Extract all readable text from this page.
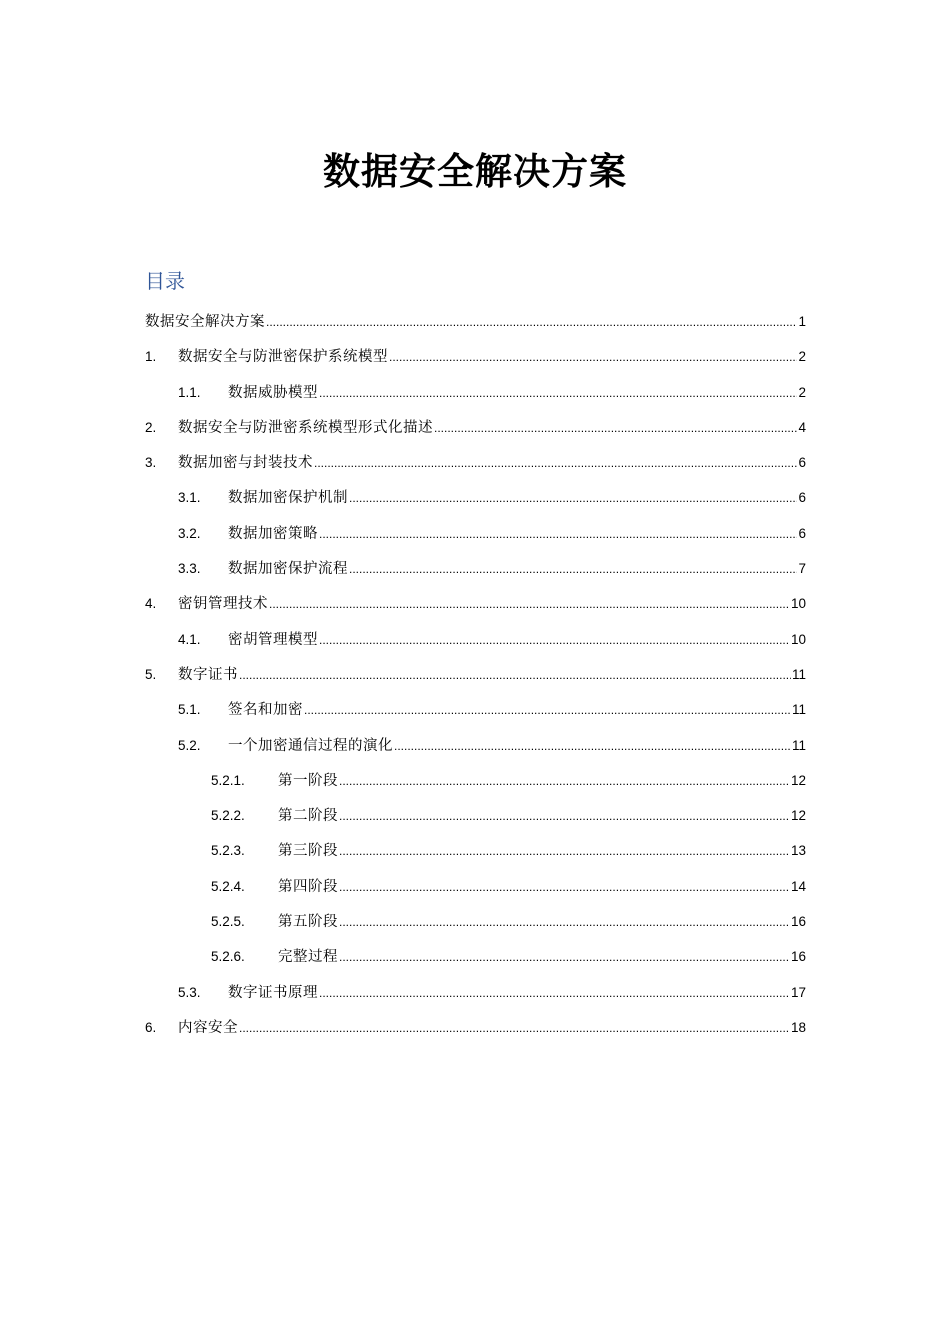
数据安全解决方案
目录
数据安全解决方案 .....	1
1.	数据安全与防泄密保护系统模型 .....	2
1.1.	数据威胁模型 .....	2
2.	数据安全与防泄密系统模型形式化描述 .....	4
3.	数据加密与封装技术 .....	6
3.1.	数据加密保护机制 .....	6
3.2.	数据加密策略 .....	6
3.3.	数据加密保护流程 .....	7
4.	密钥管理技术 .....	10
4.1.	密胡管理模型 .....	10
5.	数字证书 .....	11
5.1.	签名和加密 .....	11
5.2.	一个加密通信过程的演化 .....	11
5.2.1.	第一阶段 .....	12
5.2.2.	第二阶段 .....	12
5.2.3.	第三阶段 .....	13
5.2.4.	第四阶段 .....	14
5.2.5.	第五阶段 .....	16
5.2.6.	完整过程 .....	16
5.3.	数字证书原理 .....	17
6.	内容安全 .....	18
